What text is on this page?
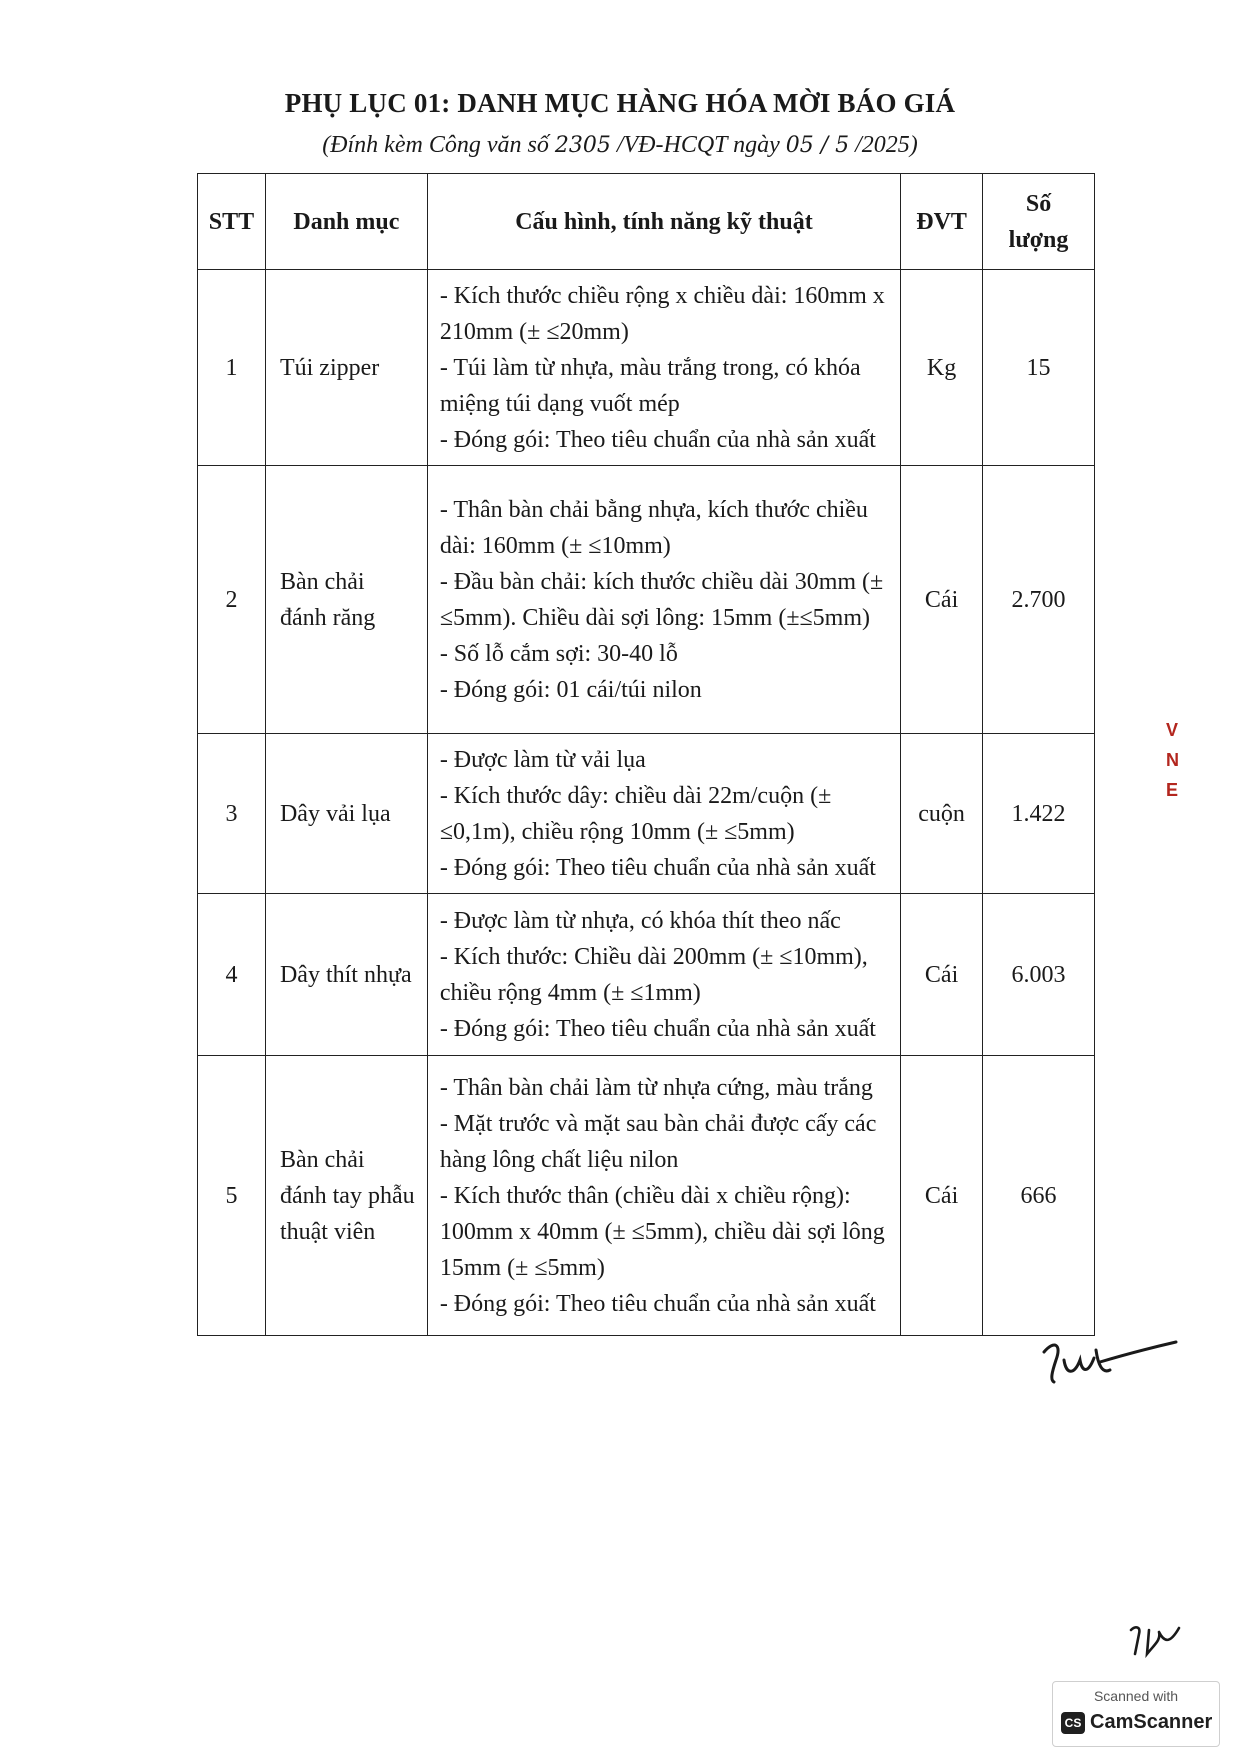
PHỤ LỤC 01: DANH MỤC HÀNG HÓA MỜI BÁO GIÁ
(Đính kèm Công văn số 2305 /VĐ-HCQT ngày 05 / 5 /2025)
STT	Danh mục	Cấu hình, tính năng kỹ thuật	ĐVT	Số
lượng

1	Túi zipper	- Kích thước chiều rộng x chiều dài: 160mm x 210mm (± ≤20mm)
- Túi làm từ nhựa, màu trắng trong, có khóa miệng túi dạng vuốt mép
- Đóng gói: Theo tiêu chuẩn của nhà sản xuất	Kg	15
2	Bàn chải đánh răng	- Thân bàn chải bằng nhựa, kích thước chiều dài: 160mm (± ≤10mm)
- Đầu bàn chải: kích thước chiều dài 30mm (± ≤5mm). Chiều dài sợi lông: 15mm (±≤5mm)
- Số lỗ cắm sợi: 30-40 lỗ
- Đóng gói: 01 cái/túi nilon	Cái	2.700
3	Dây vải lụa	- Được làm từ vải lụa
- Kích thước dây: chiều dài 22m/cuộn (± ≤0,1m), chiều rộng 10mm (± ≤5mm)
- Đóng gói: Theo tiêu chuẩn của nhà sản xuất	cuộn	1.422
4	Dây thít nhựa	- Được làm từ nhựa, có khóa thít theo nấc
- Kích thước: Chiều dài 200mm (± ≤10mm), chiều rộng 4mm (± ≤1mm)
- Đóng gói: Theo tiêu chuẩn của nhà sản xuất	Cái	6.003
5	Bàn chải đánh tay phẫu thuật viên	- Thân bàn chải làm từ nhựa cứng, màu trắng
- Mặt trước và mặt sau bàn chải được cấy các hàng lông chất liệu nilon
- Kích thước thân (chiều dài x chiều rộng): 100mm x 40mm (± ≤5mm), chiều dài sợi lông 15mm (± ≤5mm)
- Đóng gói: Theo tiêu chuẩn của nhà sản xuất	Cái	666
V
N
E
Scanned with
CS CamScanner
